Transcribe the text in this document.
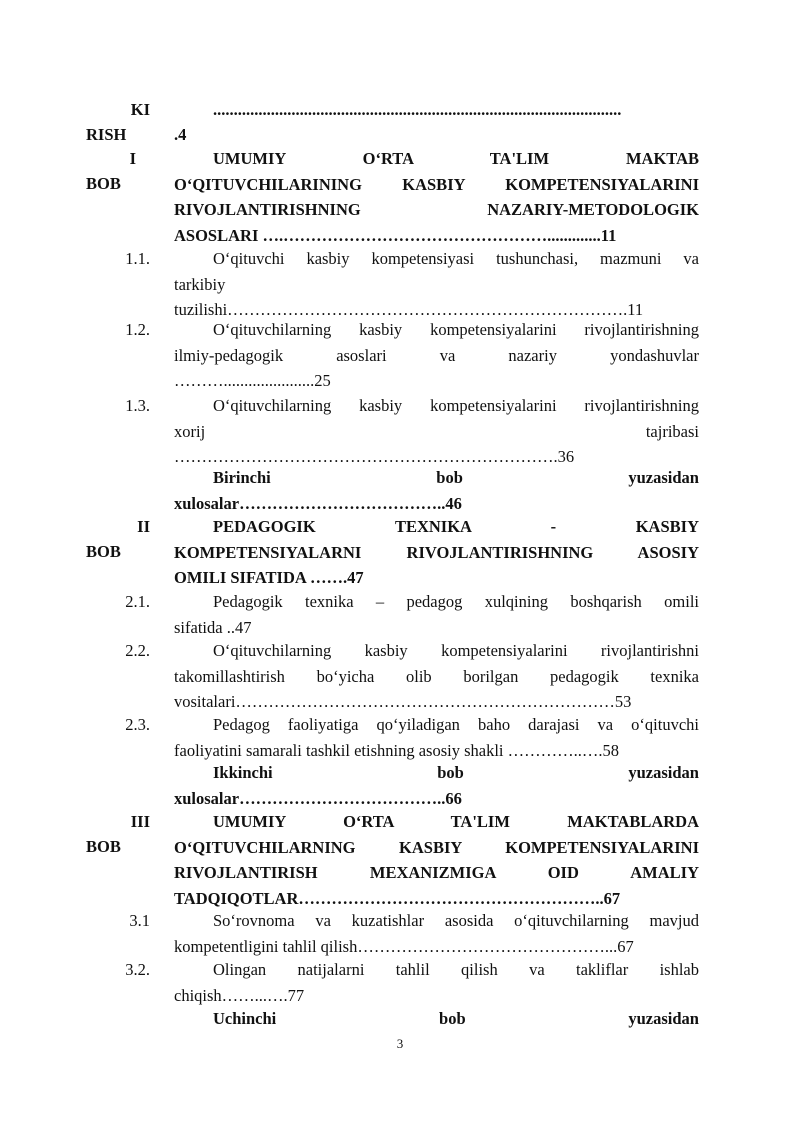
KI	...................................................................................................
RISH	.4
I
BOB
UMUMIY O‘RTA TA'LIM MAKTAB
O‘QITUVCHILARINING KASBIY KOMPETENSIYALARINI
RIVOJLANTIRISHNING NAZARIY-METODOLOGIK
ASOSLARI ….………………………………………….............11
1.1.	O‘qituvchi kasbiy kompetensiyasi tushunchasi, mazmuni va
tarkibiy
tuzilishi……………………………………………………………….11
1.2.	O‘qituvchilarning kasbiy kompetensiyalarini rivojlantirishning
ilmiy-pedagogik asoslari va nazariy yondashuvlar
………......................25
1.3.	O‘qituvchilarning kasbiy kompetensiyalarini rivojlantirishning
xorij	tajribasi
…………………………………………………………….36
Birinchi bob yuzasidan
xulosalar………………………………..46
II
BOB
PEDAGOGIK TEXNIKA - KASBIY
KOMPETENSIYALARNI RIVOJLANTIRISHNING ASOSIY
OMILI SIFATIDA …….47
2.1.	Pedagogik texnika – pedagog xulqining boshqarish omili
sifatida ..47
2.2.	O‘qituvchilarning kasbiy kompetensiyalarini rivojlantirishni
takomillashtirish bo‘yicha olib borilgan pedagogik texnika
vositalari……………………………………………………………53
2.3.	Pedagog faoliyatiga qo‘yiladigan baho darajasi va o‘qituvchi
faoliyatini samarali tashkil etishning asosiy shakli …………..….58
Ikkinchi bob yuzasidan
xulosalar………………………………..66
III
BOB
UMUMIY O‘RTA TA'LIM MAKTABLARDA
O‘QITUVCHILARNING KASBIY KOMPETENSIYALARINI
RIVOJLANTIRISH MEXANIZMIGA OID AMALIY
TADQIQOTLAR………………………………………………..67
3.1	So‘rovnoma va kuzatishlar asosida o‘qituvchilarning mavjud
kompetentligini tahlil qilish………………………………………...67
3.2.	Olingan natijalarni tahlil qilish va takliflar ishlab
chiqish……...….77
Uchinchi bob yuzasidan
3
